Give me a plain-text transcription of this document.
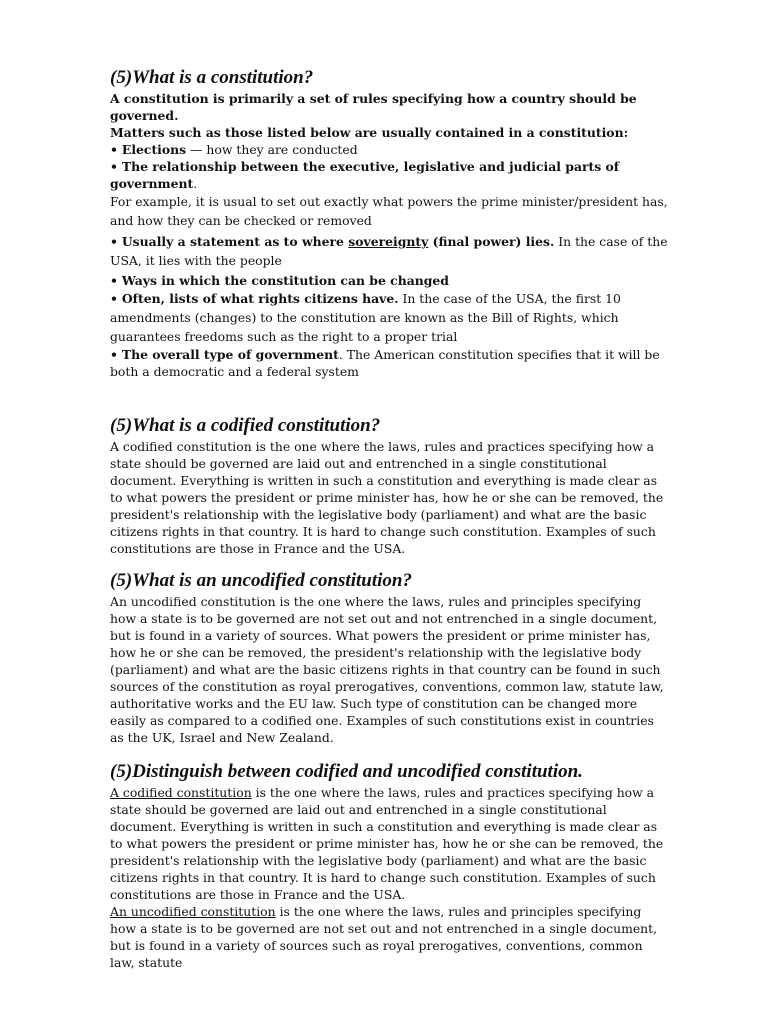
(5)What is a constitution?

A constitution is primarily a set of rules specifying how a country should be governed.

Matters such as those listed below are usually contained in a constitution:

• Elections — how they are conducted

• The relationship between the executive, legislative and judicial parts of government.

For example, it is usual to set out exactly what powers the prime minister/president has, and how they can be checked or removed

• Usually a statement as to where sovereignty (final power) lies. In the case of the USA, it lies with the people

• Ways in which the constitution can be changed

• Often, lists of what rights citizens have. In the case of the USA, the first 10 amendments (changes) to the constitution are known as the Bill of Rights, which guarantees freedoms such as the right to a proper trial

• The overall type of government. The American constitution specifies that it will be both a democratic and a federal system

(5)What is a codified constitution?

A codified constitution is the one where the laws, rules and practices specifying how a state should be governed are laid out and entrenched in a single constitutional document. Everything is written in such a constitution and everything is made clear as to what powers the president or prime minister has, how he or she can be removed, the president's relationship with the legislative body (parliament) and what are the basic citizens rights in that country. It is hard to change such constitution. Examples of such constitutions are those in France and the USA.

(5)What is an uncodified constitution?

An uncodified constitution is the one where the laws, rules and principles specifying how a state is to be governed are not set out and not entrenched in a single document, but is found in a variety of sources. What powers the president or prime minister has, how he or she can be removed, the president's relationship with the legislative body (parliament) and what are the basic citizens rights in that country can be found in such sources of the constitution as royal prerogatives, conventions, common law, statute law, authoritative works and the EU law. Such type of constitution can be changed more easily as compared to a codified one. Examples of such constitutions exist in countries as the UK, Israel and New Zealand.

(5)Distinguish between codified and uncodified constitution.

A codified constitution is the one where the laws, rules and practices specifying how a state should be governed are laid out and entrenched in a single constitutional document. Everything is written in such a constitution and everything is made clear as to what powers the president or prime minister has, how he or she can be removed, the president's relationship with the legislative body (parliament) and what are the basic citizens rights in that country. It is hard to change such constitution. Examples of such constitutions are those in France and the USA.

An uncodified constitution is the one where the laws, rules and principles specifying how a state is to be governed are not set out and not entrenched in a single document, but is found in a variety of sources such as royal prerogatives, conventions, common law, statute
